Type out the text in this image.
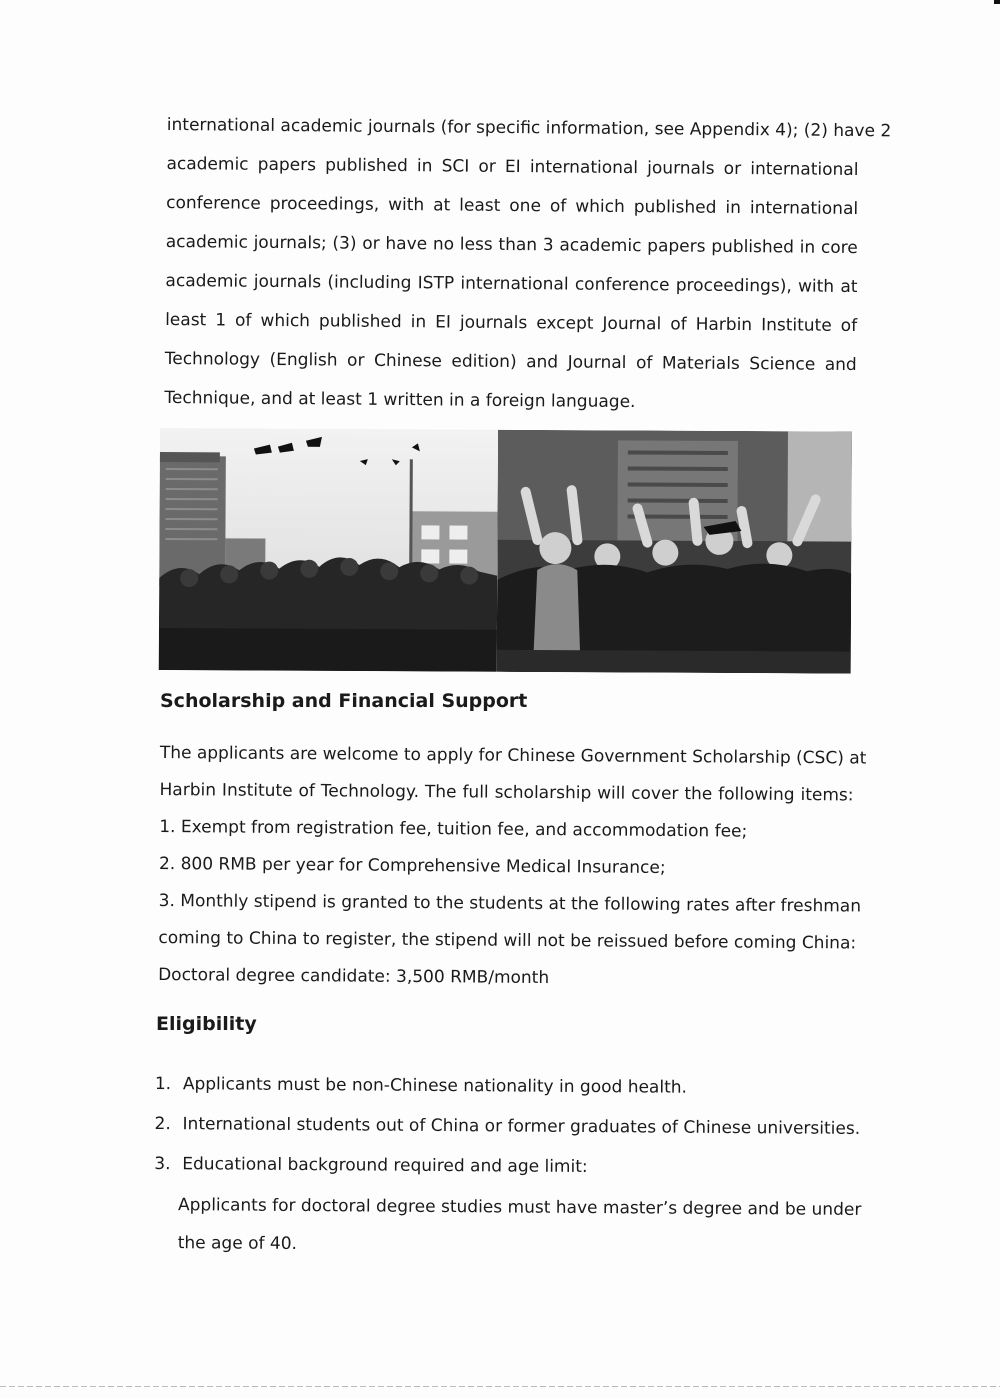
international academic journals (for specific information, see Appendix 4); (2) have 2
academic papers published in SCI or EI international journals or international
conference proceedings, with at least one of which published in international
academic journals; (3) or have no less than 3 academic papers published in core
academic journals (including ISTP international conference proceedings), with at
least 1 of which published in EI journals except Journal of Harbin Institute of
Technology (English or Chinese edition) and Journal of Materials Science and
Technique, and at least 1 written in a foreign language.
Scholarship and Financial Support
The applicants are welcome to apply for Chinese Government Scholarship (CSC) at
Harbin Institute of Technology. The full scholarship will cover the following items:
1. Exempt from registration fee, tuition fee, and accommodation fee;
2. 800 RMB per year for Comprehensive Medical Insurance;
3. Monthly stipend is granted to the students at the following rates after freshman
coming to China to register, the stipend will not be reissued before coming China:
Doctoral degree candidate: 3,500 RMB/month
Eligibility
1. Applicants must be non-Chinese nationality in good health.
2. International students out of China or former graduates of Chinese universities.
3. Educational background required and age limit:
Applicants for doctoral degree studies must have master’s degree and be under
the age of 40.
